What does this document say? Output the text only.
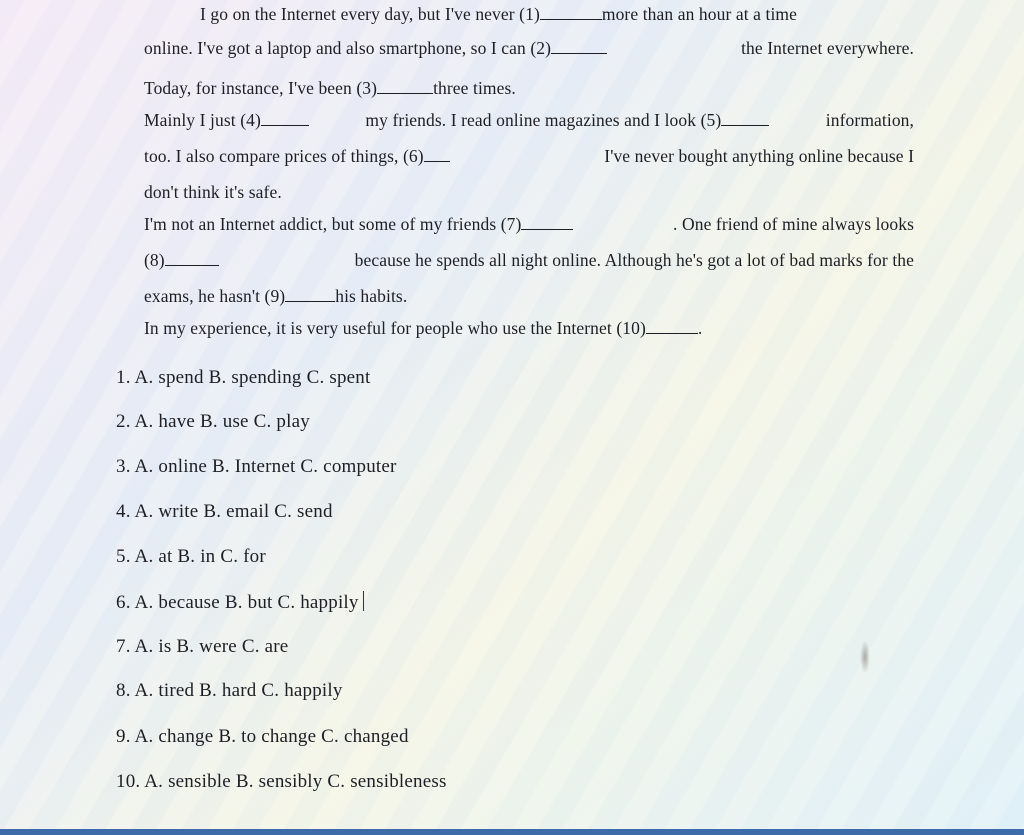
I go on the Internet every day, but I've never (1)	more than an hour at a time
online. I've got a laptop and also smartphone, so I can (2)	the Internet everywhere.
Today, for instance, I've been (3)	three times.
Mainly I just (4)	my friends. I read online magazines and I look (5)	information,
too. I also compare prices of things, (6)	I've never bought anything online because I
don't think it's safe.
I'm not an Internet addict, but some of my friends (7)	. One friend of mine always looks
(8)	because he spends all night online. Although he's got a lot of bad marks for the
exams, he hasn't (9)	his habits.
In my experience, it is very useful for people who use the Internet (10)	.
1. A. spend B. spending C. spent
2. A. have B. use C. play
3. A. online B. Internet C. computer
4. A. write B. email C. send
5. A. at B. in C. for
6. A. because B. but C. happily
7. A. is B. were C. are
8. A. tired B. hard C. happily
9. A. change B. to change C. changed
10. A. sensible B. sensibly C. sensibleness
